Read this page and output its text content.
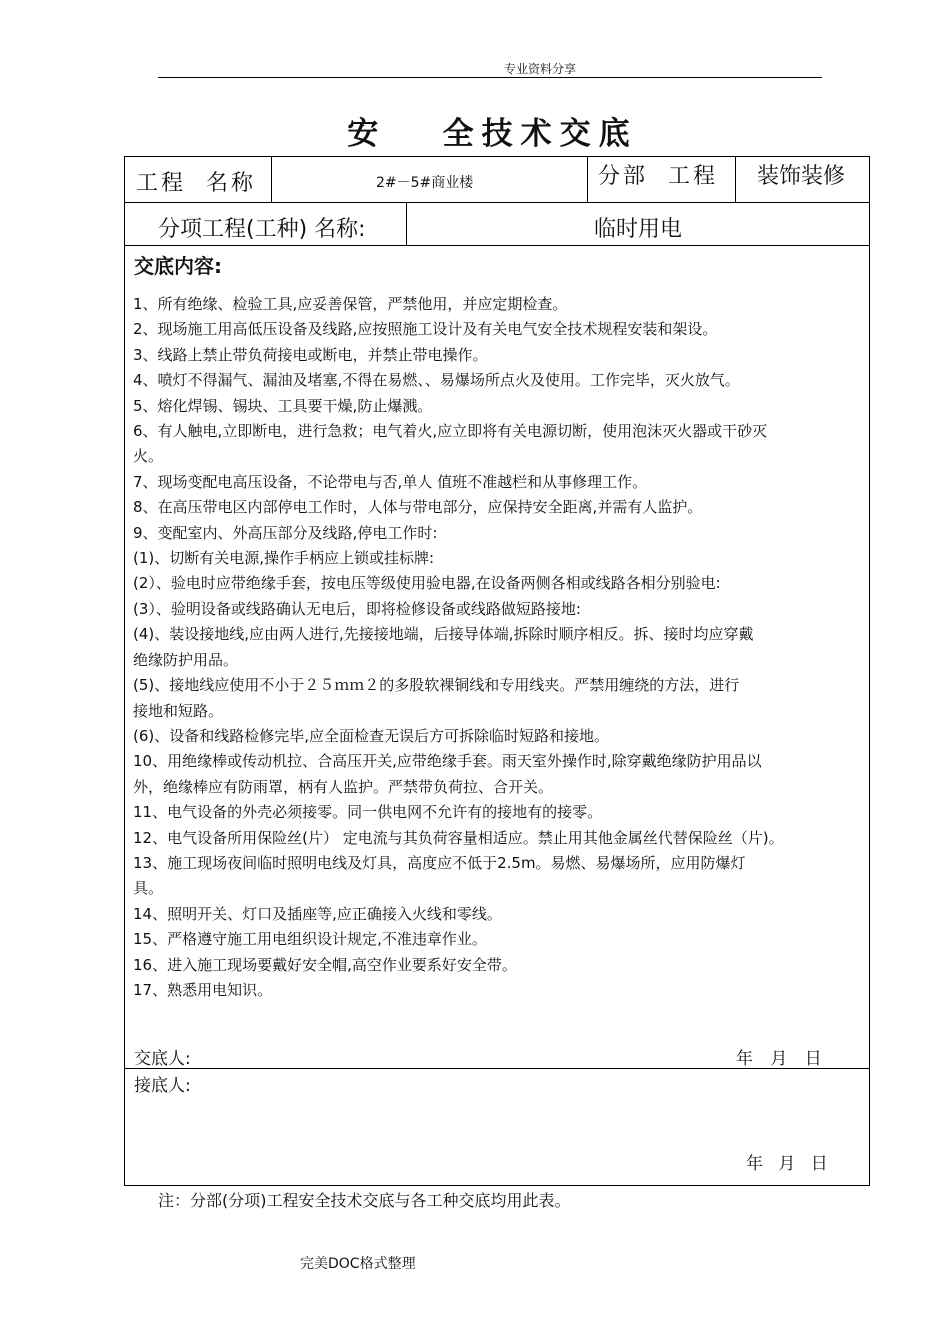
专业资料分享
安   全技术交底
工程  名称	2#－5#商业楼	分部  工程 装饰装修
分项工程(工种) 名称:	临时用电
交底内容:

1、所有绝缘、检验工具,应妥善保管，严禁他用，并应定期检查。

2、现场施工用高低压设备及线路,应按照施工设计及有关电气安全技术规程安装和架设。

3、线路上禁止带负荷接电或断电，并禁止带电操作。

4、喷灯不得漏气、漏油及堵塞,不得在易燃、、易爆场所点火及使用。工作完毕，灭火放气。

5、熔化焊锡、锡块、工具要干燥,防止爆溅。

6、有人触电,立即断电，进行急救；电气着火,应立即将有关电源切断，使用泡沫灭火器或干砂灭

火。

7、现场变配电高压设备，不论带电与否,单人 值班不准越栏和从事修理工作。

8、在高压带电区内部停电工作时，人体与带电部分，应保持安全距离,并需有人监护。

9、变配室内、外高压部分及线路,停电工作时:

(1)、切断有关电源,操作手柄应上锁或挂标牌:

(2）、验电时应带绝缘手套，按电压等级使用验电器,在设备两侧各相或线路各相分别验电:

(3）、验明设备或线路确认无电后，即将检修设备或线路做短路接地:

(4)、装设接地线,应由两人进行,先接接地端，后接导体端,拆除时顺序相反。拆、接时均应穿戴

绝缘防护用品。

(5)、接地线应使用不小于２５ｍｍ２的多股软裸铜线和专用线夹。严禁用缠绕的方法，进行

接地和短路。

(6)、设备和线路检修完毕,应全面检查无误后方可拆除临时短路和接地。

10、用绝缘棒或传动机拉、合高压开关,应带绝缘手套。雨天室外操作时,除穿戴绝缘防护用品以

外，绝缘棒应有防雨罩，柄有人监护。严禁带负荷拉、合开关。

11、电气设备的外壳必须接零。同一供电网不允许有的接地有的接零。

12、电气设备所用保险丝(片） 定电流与其负荷容量相适应。禁止用其他金属丝代替保险丝（片)。

13、施工现场夜间临时照明电线及灯具，高度应不低于2.5m。易燃、易爆场所，应用防爆灯

具。

14、照明开关、灯口及插座等,应正确接入火线和零线。

15、严格遵守施工用电组织设计规定,不准违章作业。

16、进入施工现场要戴好安全帽,高空作业要系好安全带。

17、熟悉用电知识。

交底人:	年 月 日
接底人:
年 月 日
注：分部(分项)工程安全技术交底与各工种交底均用此表。
完美DOC格式整理
